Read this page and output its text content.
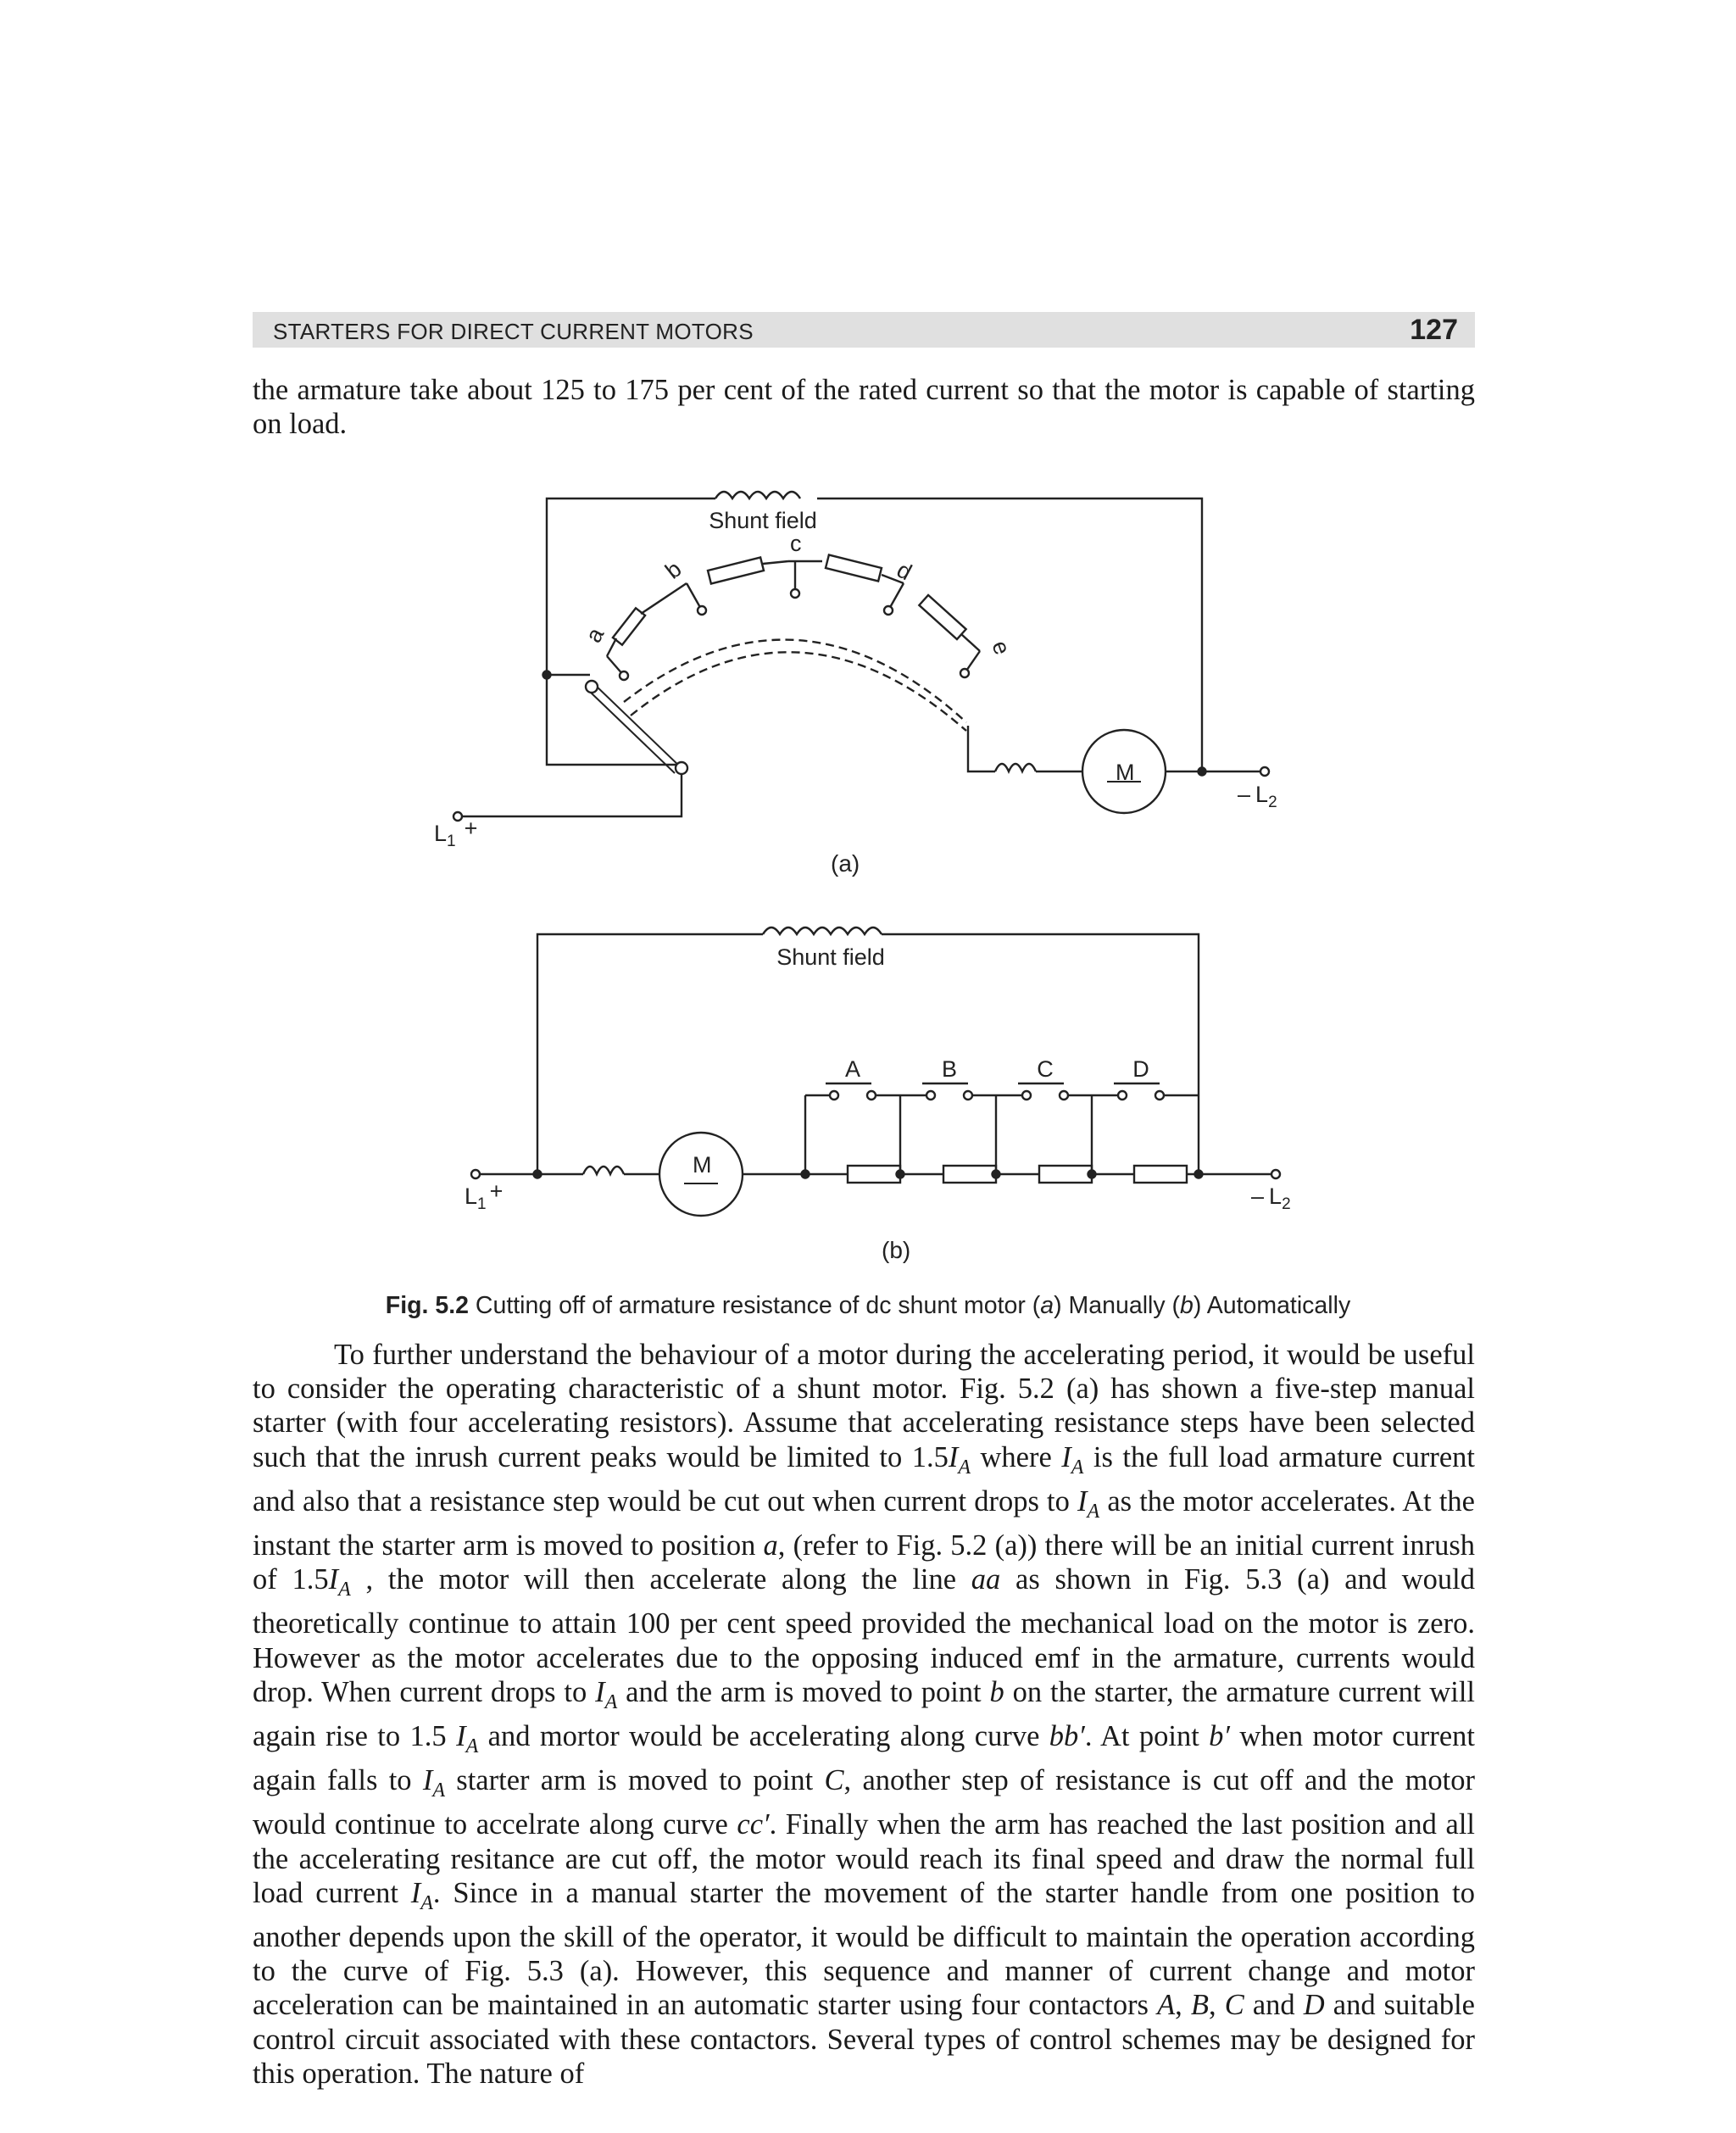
STARTERS FOR DIRECT CURRENT MOTORS	127

the armature take about 125 to 175 per cent of the rated current so that the motor is capable of starting on load.

Shunt field
a
b
c
d
e
M
$L_1+$
– $L_2$
(a)
Shunt field
A	B	C	D
M
$L_1+$	– $L_2$
(b)
Fig. 5.2 Cutting off of armature resistance of dc shunt motor (a) Manually (b) Automatically

To further understand the behaviour of a motor during the accelerating period, it would be useful to consider the operating characteristic of a shunt motor. Fig. 5.2 (a) has shown a five-step manual starter (with four accelerating resistors). Assume that accelerating resistance steps have been selected such that the inrush current peaks would be limited to $1.5I_A$ where $I_A$ is the full load armature current and also that a resistance step would be cut out when current drops to $I_A$ as the motor accelerates. At the instant the starter arm is moved to position a, (refer to Fig. 5.2 (a)) there will be an initial current inrush of $1.5I_A$ , the motor will then accelerate along the line aa as shown in Fig. 5.3 (a) and would theoretically continue to attain 100 per cent speed provided the mechanical load on the motor is zero. However as the motor accelerates due to the opposing induced emf in the armature, currents would drop. When current drops to $I_A$ and the arm is moved to point b on the starter, the armature current will again rise to 1.5 $I_A$ and mortor would be accelerating along curve bb′. At point b′ when motor current      again falls to $I_A$ starter arm is moved to point C, another step of resistance is cut off and the motor would continue to accelrate along curve cc′. Finally when the arm has reached the last position and all the accelerating resitance are cut off, the motor would reach its final speed and draw the normal full load current $I_A$. Since in a manual starter the movement of the starter handle from one position to another depends upon the skill of the operator, it would be difficult to maintain the operation according to the curve of Fig. 5.3 (a). However, this sequence and manner of current change and motor acceleration can be maintained in an automatic starter using four contactors A, B, C and D and suitable control circuit associated with these contactors. Several types of control schemes may be designed for this operation. The nature of
